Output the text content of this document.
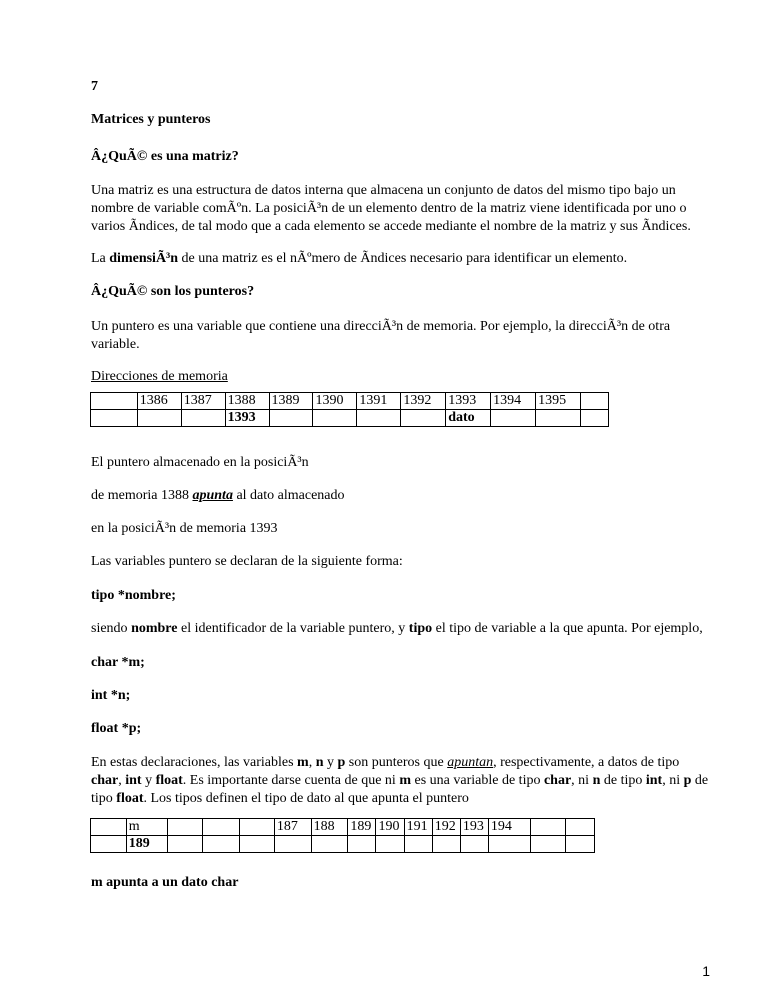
7
Matrices y punteros
Â¿QuÃ© es una matriz?
Una matriz es una estructura de datos interna que almacena un conjunto de datos del mismo tipo bajo un
nombre de variable comÃºn. La posiciÃ³n de un elemento dentro de la matriz viene identificada por uno o
varios Ãndices, de tal modo que a cada elemento se accede mediante el nombre de la matriz y sus Ãndices.
La dimensiÃ³n de una matriz es el nÃºmero de Ãndices necesario para identificar un elemento.
Â¿QuÃ© son los punteros?
Un puntero es una variable que contiene una direcciÃ³n de memoria. Por ejemplo, la direcciÃ³n de otra
variable.
Direcciones de memoria
	1386	1387	1388	1389	1390	1391	1392	1393	1394	1395	
			1393					dato			
El puntero almacenado en la posiciÃ³n
de memoria 1388 apunta al dato almacenado
en la posiciÃ³n de memoria 1393
Las variables puntero se declaran de la siguiente forma:
tipo *nombre;
siendo nombre el identificador de la variable puntero, y tipo el tipo de variable a la que apunta. Por ejemplo,
char *m;
int *n;
float *p;
En estas declaraciones, las variables m, n y p son punteros que apuntan, respectivamente, a datos de tipo
char, int y float. Es importante darse cuenta de que ni m es una variable de tipo char, ni n de tipo int, ni p de
tipo float. Los tipos definen el tipo de dato al que apunta el puntero
	m				187	188	189	190	191	192	193	194		
	189													
m apunta a un dato char
1
